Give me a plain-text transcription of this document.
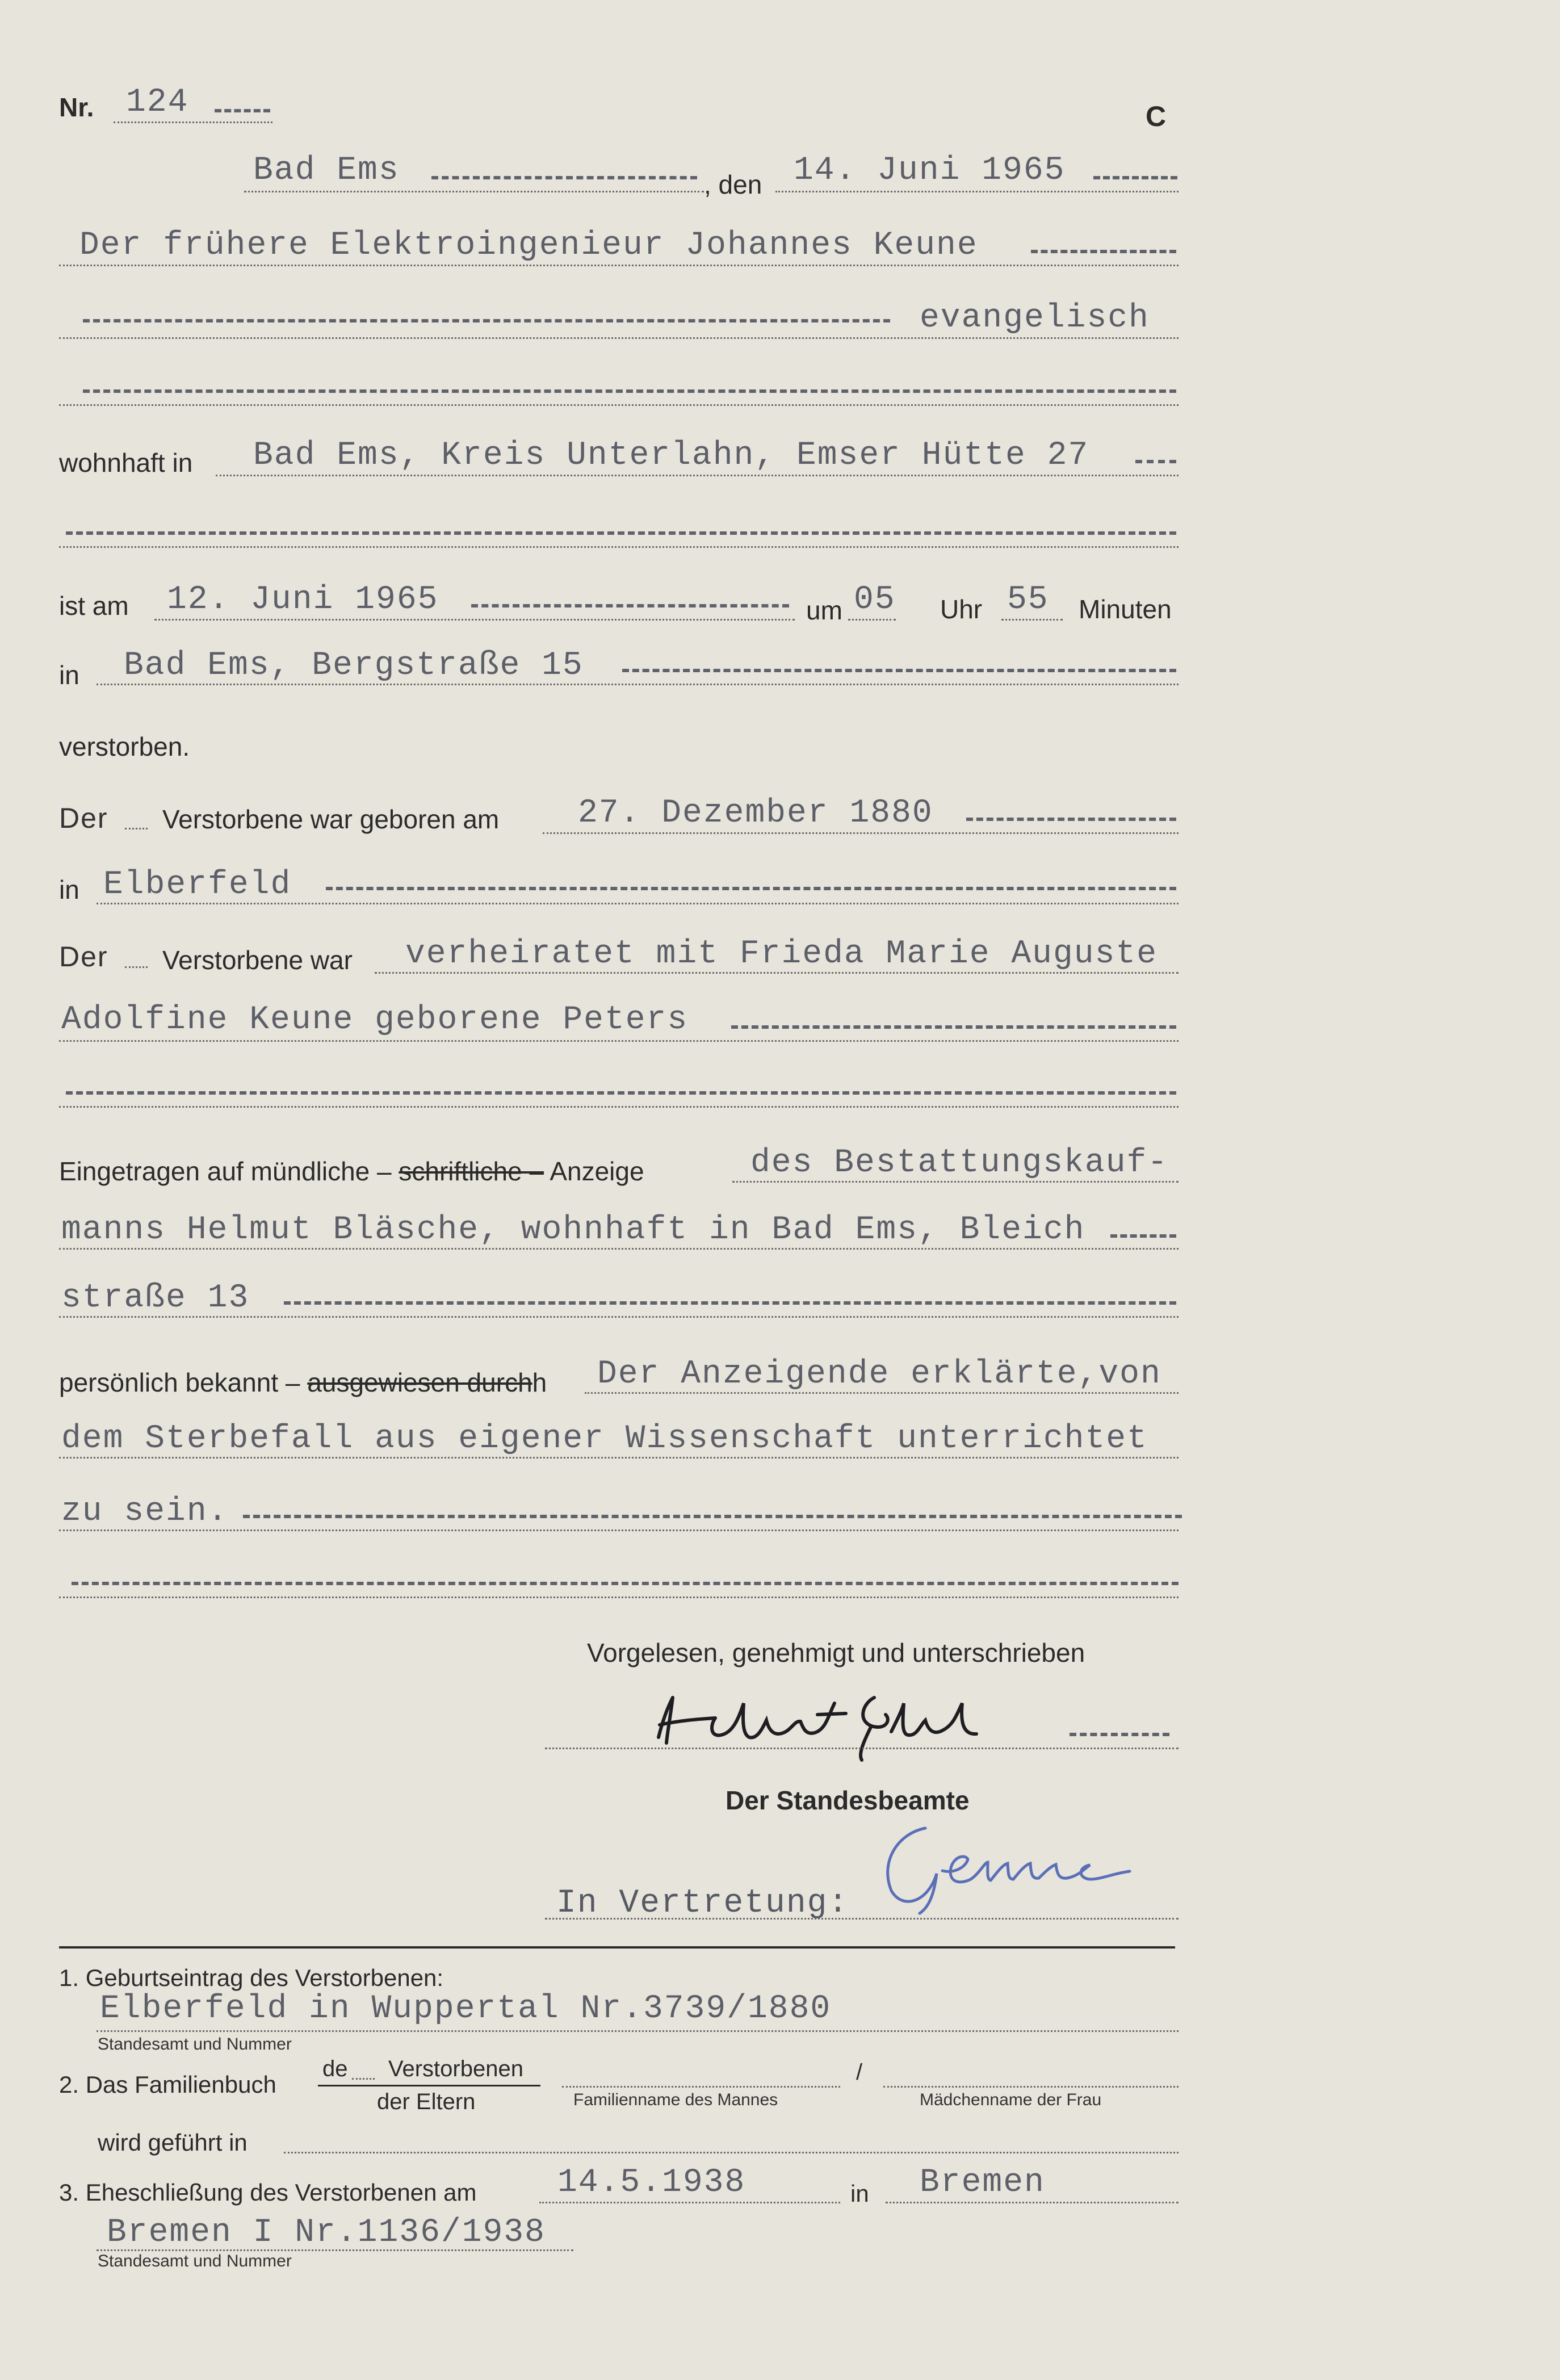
Nr. 124	C
Bad Ems	, den 14. Juni 1965
Der frühere Elektroingenieur Johannes Keune
evangelisch
wohnhaft in Bad Ems, Kreis Unterlahn, Emser Hütte 27
ist am 12. Juni 1965	um 05 Uhr 55 Minuten
in Bad Ems, Bergstraße 15
verstorben.
Der Verstorbene war geboren am 27. Dezember 1880
in Elberfeld
Der Verstorbene war verheiratet mit Frieda Marie Auguste
Adolfine Keune geborene Peters
Eingetragen auf mündliche – schriftliche – Anzeige	des Bestattungskauf-
manns Helmut Bläsche, wohnhaft in Bad Ems, Bleich
straße 13
persönlich bekannt – ausgewiesen durchh Der Anzeigende erklärte,von
dem Sterbefall aus eigener Wissenschaft unterrichtet
zu sein.
Vorgelesen, genehmigt und unterschrieben
Der Standesbeamte
In Vertretung:
1. Geburtseintrag des Verstorbenen:
Elberfeld in Wuppertal Nr.3739/1880
Standesamt und Nummer
2. Das Familienbuch
de Verstorbenen
der Eltern	Familienname des Mannes
/
Mädchenname der Frau
wird geführt in
3. Eheschließung des Verstorbenen am 14.5.1938	in Bremen
Bremen I Nr.1136/1938
Standesamt und Nummer
